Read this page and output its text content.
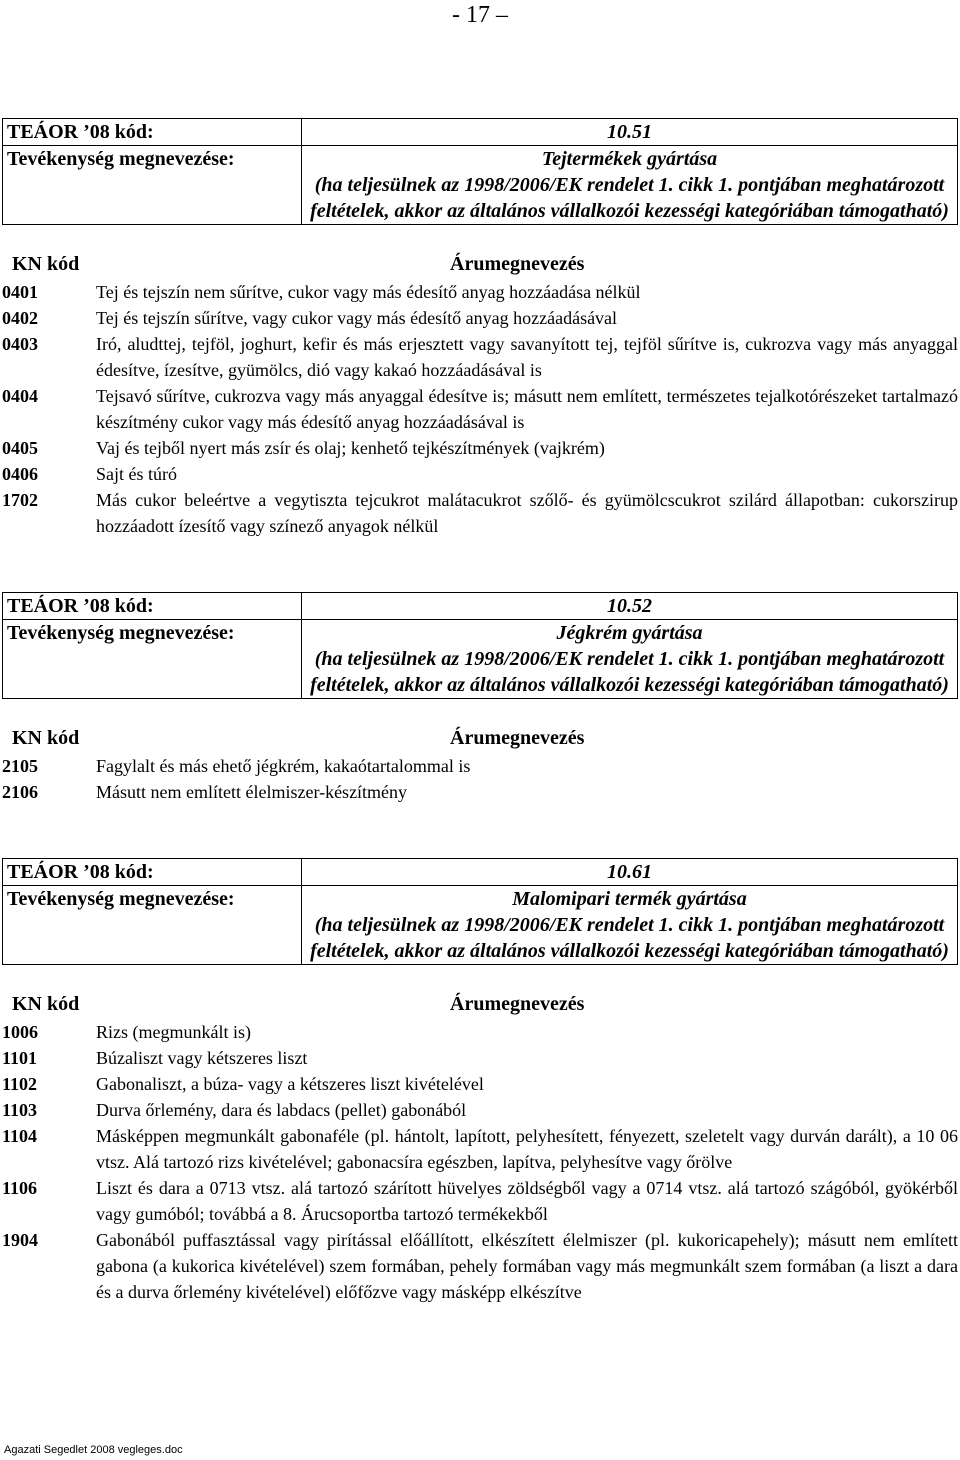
- 17 –
TEÁOR ’08 kód:	10.51
Tevékenység megnevezése:	Tejtermékek gyártása
(ha teljesülnek az 1998/2006/EK rendelet 1. cikk 1. pontjában meghatározott feltételek, akkor az általános vállalkozói kezességi kategóriában támogatható)
KN kód	Árumegnevezés
0401	Tej és tejszín nem sűrítve, cukor vagy más édesítő anyag hozzáadása nélkül
0402	Tej és tejszín sűrítve, vagy cukor vagy más édesítő anyag hozzáadásával
0403	Iró, aludttej, tejföl, joghurt, kefir és más erjesztett vagy savanyított tej, tejföl sűrítve is, cukrozva vagy más anyaggal édesítve, ízesítve, gyümölcs, dió vagy kakaó hozzáadásával is
0404	Tejsavó sűrítve, cukrozva vagy más anyaggal édesítve is; másutt nem említett, természetes tejalkotórészeket tartalmazó készítmény cukor vagy más édesítő anyag hozzáadásával is
0405	Vaj és tejből nyert más zsír és olaj; kenhető tejkészítmények (vajkrém)
0406	Sajt és túró
1702	Más cukor beleértve a vegytiszta tejcukrot malátacukrot szőlő- és gyümölcscukrot szilárd állapotban: cukorszirup hozzáadott ízesítő vagy színező anyagok nélkül
TEÁOR ’08 kód:	10.52
Tevékenység megnevezése:	Jégkrém gyártása
(ha teljesülnek az 1998/2006/EK rendelet 1. cikk 1. pontjában meghatározott feltételek, akkor az általános vállalkozói kezességi kategóriában támogatható)
KN kód	Árumegnevezés
2105	Fagylalt és más ehető jégkrém, kakaótartalommal is
2106	Másutt nem említett élelmiszer-készítmény
TEÁOR ’08 kód:	10.61
Tevékenység megnevezése:	Malomipari termék gyártása
(ha teljesülnek az 1998/2006/EK rendelet 1. cikk 1. pontjában meghatározott feltételek, akkor az általános vállalkozói kezességi kategóriában támogatható)
KN kód	Árumegnevezés
1006	Rizs (megmunkált is)
1101	Búzaliszt vagy kétszeres liszt
1102	Gabonaliszt, a búza- vagy a kétszeres liszt kivételével
1103	Durva őrlemény, dara és labdacs (pellet) gabonából
1104	Másképpen megmunkált gabonaféle (pl. hántolt, lapított, pelyhesített, fényezett, szeletelt vagy durván darált), a 10 06 vtsz. Alá tartozó rizs kivételével; gabonacsíra egészben, lapítva, pelyhesítve vagy őrölve
1106	Liszt és dara a 0713 vtsz. alá tartozó szárított hüvelyes zöldségből vagy a 0714 vtsz. alá tartozó szágóból, gyökérből vagy gumóból; továbbá a 8. Árucsoportba tartozó termékekből
1904	Gabonából puffasztással vagy pirítással előállított, elkészített élelmiszer (pl. kukoricapehely); másutt nem említett gabona (a kukorica kivételével) szem formában, pehely formában vagy más megmunkált szem formában (a liszt a dara és a durva őrlemény kivételével) előfőzve vagy másképp elkészítve
Agazati Segedlet 2008 vegleges.doc
